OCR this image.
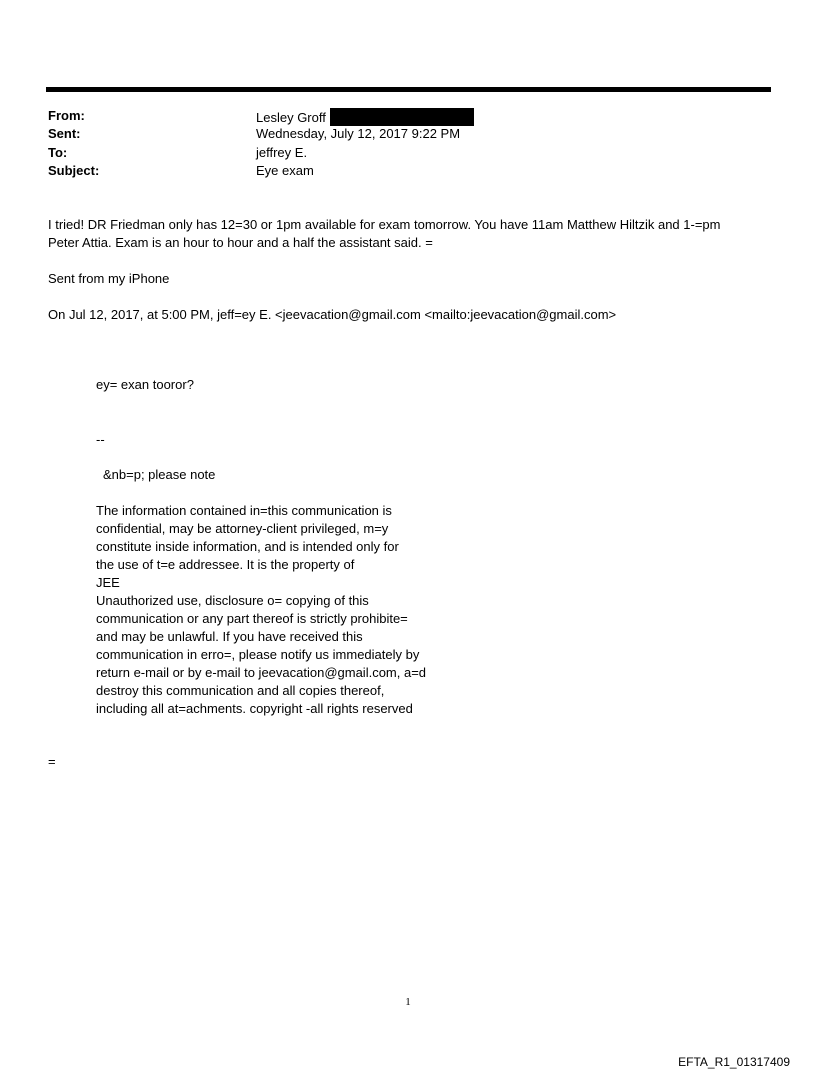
From:	Lesley Groff
Sent:	Wednesday, July 12, 2017 9:22 PM
To:	jeffrey E.
Subject:	Eye exam
I tried! DR Friedman only has 12=30 or 1pm available for exam tomorrow. You have 11am Matthew Hiltzik and 1-=pm
Peter Attia. Exam is an hour to hour and a half the assistant said. =
Sent from my iPhone
On Jul 12, 2017, at 5:00 PM, jeff=ey E. <jeevacation@gmail.com <mailto:jeevacation@gmail.com>
ey= exan tooror?
--
&nb=p; please note
The information contained in=this communication is
confidential, may be attorney-client privileged, m=y
constitute inside information, and is intended only for
the use of t=e addressee. It is the property of
JEE
Unauthorized use, disclosure o= copying of this
communication or any part thereof is strictly prohibite=
and may be unlawful. If you have received this
communication in erro=, please notify us immediately by
return e-mail or by e-mail to jeevacation@gmail.com, a=d
destroy this communication and all copies thereof,
including all at=achments. copyright -all rights reserved
=
1
EFTA_R1_01317409
